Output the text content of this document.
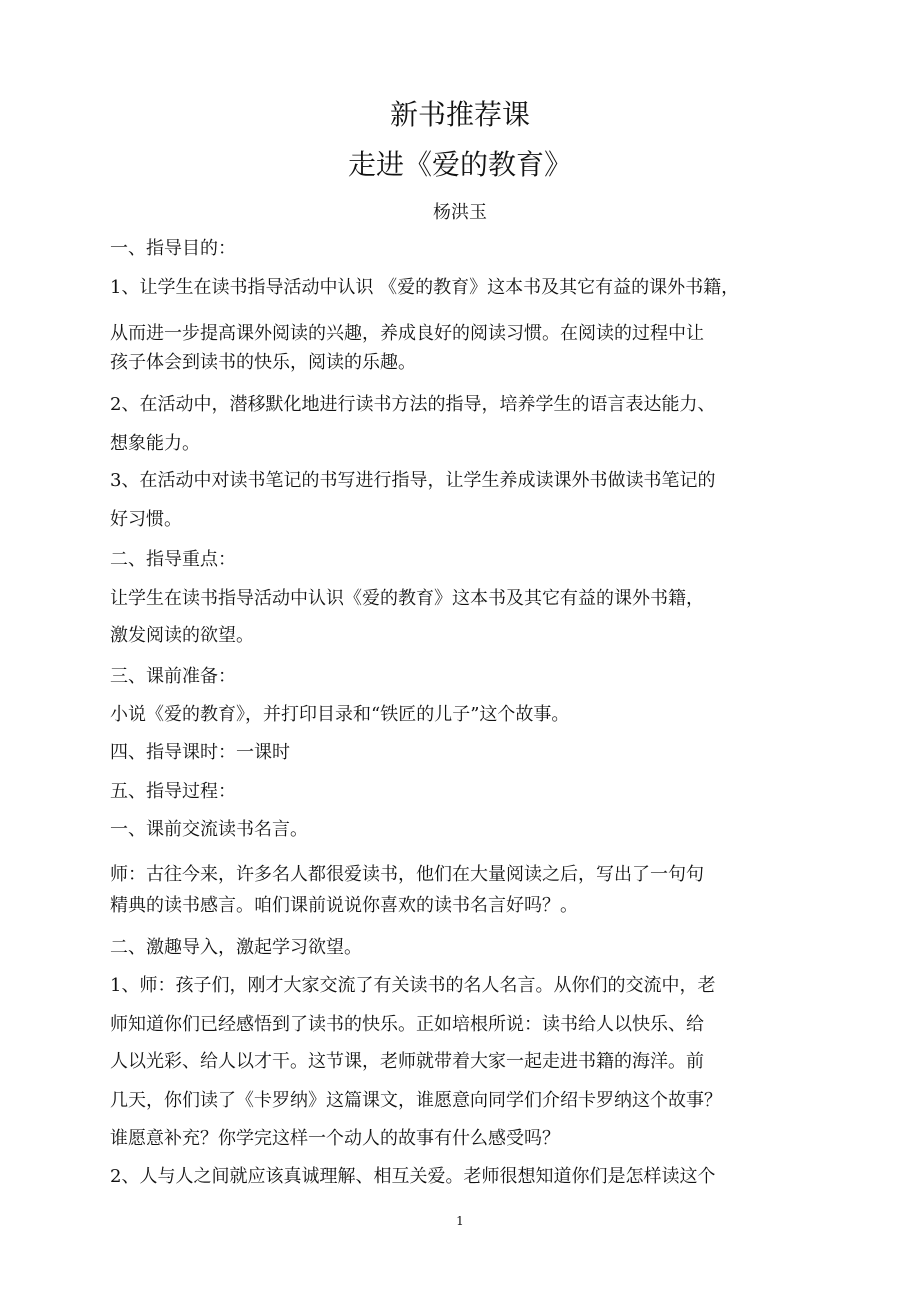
新书推荐课
走进《爱的教育》
杨洪玉
一、指导目的：
1、让学生在读书指导活动中认识 《爱的教育》这本书及其它有益的课外书籍，
从而进一步提高课外阅读的兴趣，养成良好的阅读习惯。在阅读的过程中让
孩子体会到读书的快乐，阅读的乐趣。
2、在活动中，潜移默化地进行读书方法的指导，培养学生的语言表达能力、
想象能力。
3、在活动中对读书笔记的书写进行指导，让学生养成读课外书做读书笔记的
好习惯。
二、指导重点：
让学生在读书指导活动中认识《爱的教育》这本书及其它有益的课外书籍，
激发阅读的欲望。
三、课前准备：
小说《爱的教育》，并打印目录和“铁匠的儿子”这个故事。
四、指导课时：一课时
五、指导过程：
一、课前交流读书名言。
师：古往今来，许多名人都很爱读书，他们在大量阅读之后，写出了一句句
精典的读书感言。咱们课前说说你喜欢的读书名言好吗？。
二、激趣导入，激起学习欲望。
1、师：孩子们，刚才大家交流了有关读书的名人名言。从你们的交流中，老
师知道你们已经感悟到了读书的快乐。正如培根所说：读书给人以快乐、给
人以光彩、给人以才干。这节课，老师就带着大家一起走进书籍的海洋。前
几天，你们读了《卡罗纳》这篇课文，谁愿意向同学们介绍卡罗纳这个故事？
谁愿意补充？你学完这样一个动人的故事有什么感受吗？
2、人与人之间就应该真诚理解、相互关爱。老师很想知道你们是怎样读这个
1
